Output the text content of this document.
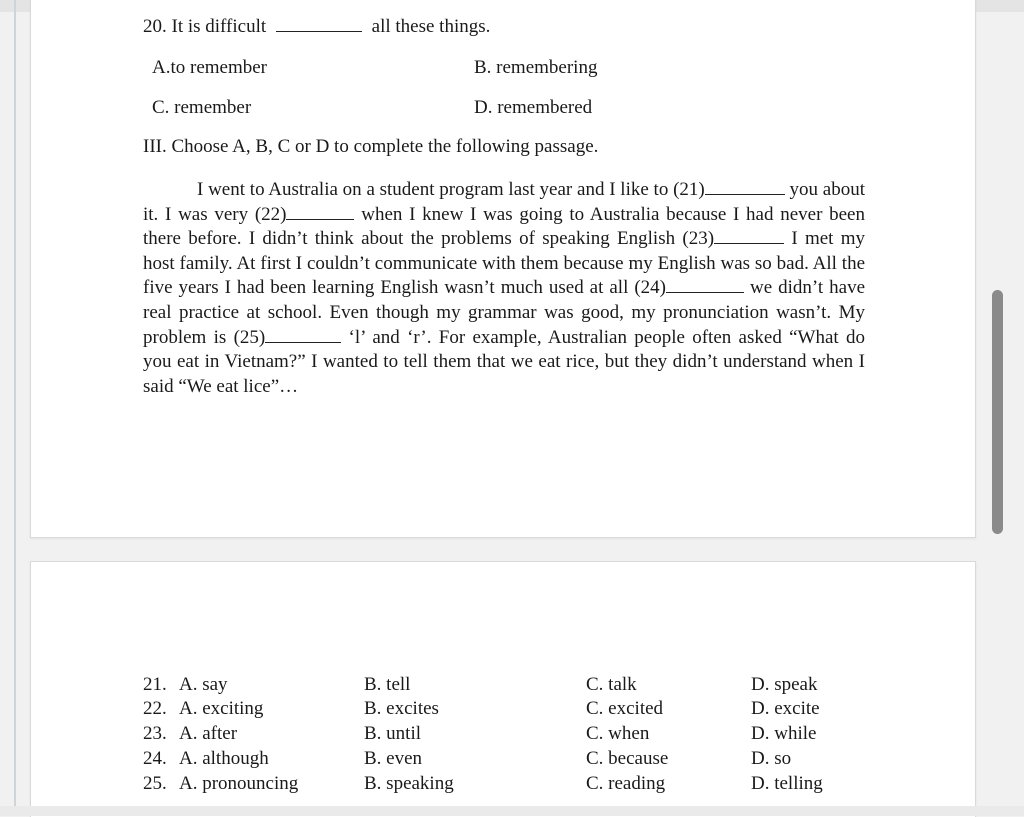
20. It is difficult	all these things.
A.to remember	B. remembering
C. remember	D. remembered
III. Choose A, B, C or D to complete the following passage.
I went to Australia on a student program last year and I like to (21)	you about it. I was very (22)	when I knew I was going to Australia because I had never been there before. I didn’t think about the problems of speaking English (23)	I met my host family. At first I couldn’t communicate with them because my English was so bad. All the five years I had been learning English wasn’t much used at all (24)	we didn’t have real practice at school. Even though my grammar was good, my pronunciation wasn’t. My problem is (25)	‘l’ and ‘r’. For example, Australian people often asked “What do you eat in Vietnam?” I wanted to tell them that we eat rice, but they didn’t understand when I said “We eat lice”…
21. A. say	B. tell	C. talk	D. speak
22. A. exciting	B. excites	C. excited	D. excite
23. A. after	B. until	C. when	D. while
24. A. although	B. even	C. because	D. so
25. A. pronouncing	B. speaking	C. reading	D. telling
